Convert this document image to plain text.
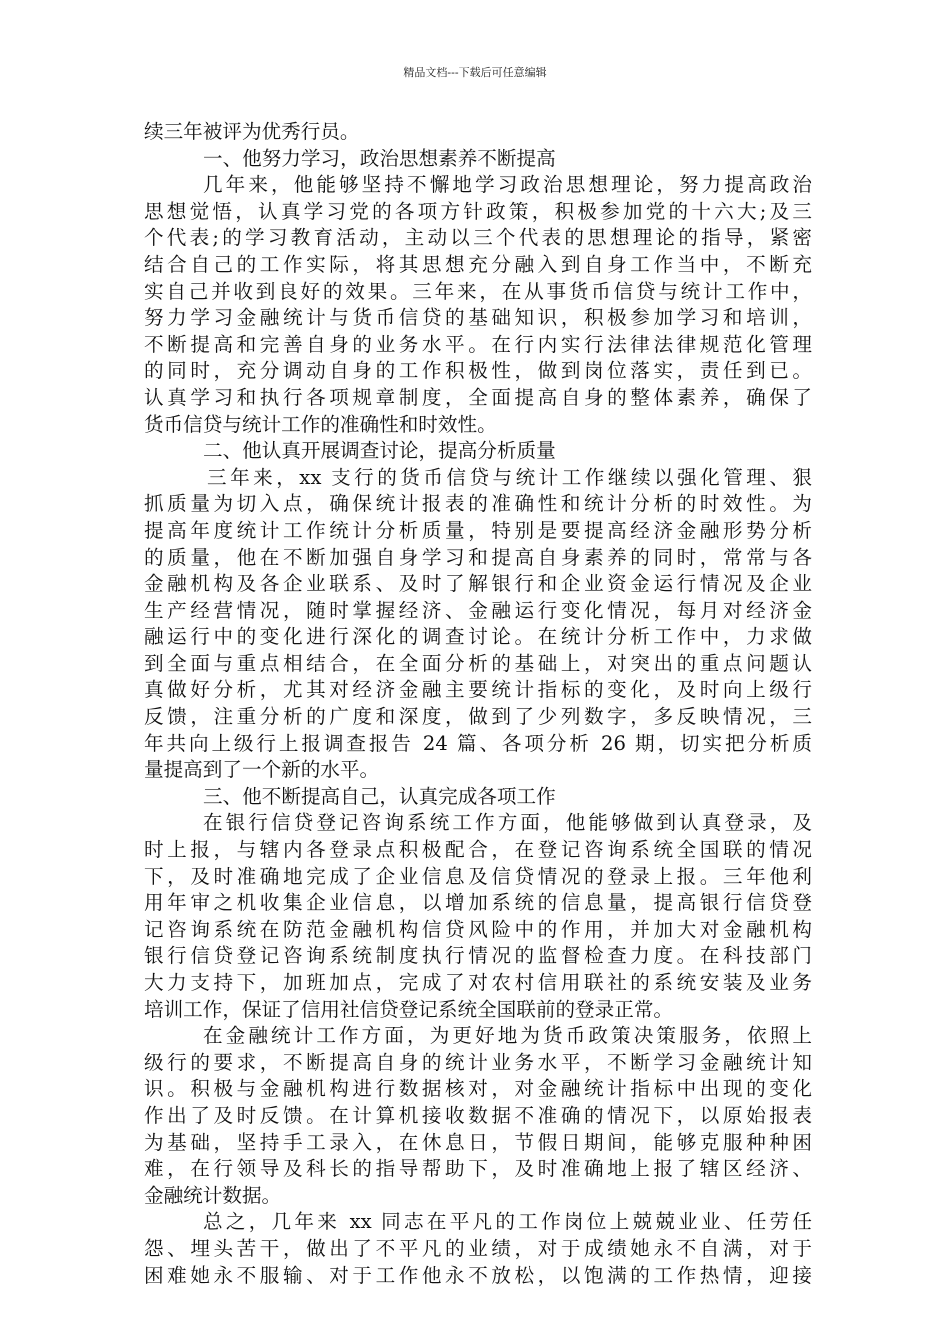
精品文档---下载后可任意编辑
续三年被评为优秀行员。
一、他努力学习，政治思想素养不断提高
几年来，他能够坚持不懈地学习政治思想理论，努力提高政治
思想觉悟，认真学习党的各项方针政策，积极参加党的十六大;及三
个代表;的学习教育活动，主动以三个代表的思想理论的指导，紧密
结合自己的工作实际，将其思想充分融入到自身工作当中，不断充
实自己并收到良好的效果。三年来，在从事货币信贷与统计工作中，
努力学习金融统计与货币信贷的基础知识，积极参加学习和培训，
不断提高和完善自身的业务水平。在行内实行法律法律规范化管理
的同时，充分调动自身的工作积极性，做到岗位落实，责任到已。
认真学习和执行各项规章制度，全面提高自身的整体素养，确保了
货币信贷与统计工作的准确性和时效性。
二、他认真开展调查讨论，提高分析质量
三年来，xx 支行的货币信贷与统计工作继续以强化管理、狠
抓质量为切入点，确保统计报表的准确性和统计分析的时效性。为
提高年度统计工作统计分析质量，特别是要提高经济金融形势分析
的质量，他在不断加强自身学习和提高自身素养的同时，常常与各
金融机构及各企业联系、及时了解银行和企业资金运行情况及企业
生产经营情况，随时掌握经济、金融运行变化情况，每月对经济金
融运行中的变化进行深化的调查讨论。在统计分析工作中，力求做
到全面与重点相结合，在全面分析的基础上，对突出的重点问题认
真做好分析，尤其对经济金融主要统计指标的变化，及时向上级行
反馈，注重分析的广度和深度，做到了少列数字，多反映情况，三
年共向上级行上报调查报告 24 篇、各项分析 26 期，切实把分析质
量提高到了一个新的水平。
三、他不断提高自己，认真完成各项工作
在银行信贷登记咨询系统工作方面，他能够做到认真登录，及
时上报，与辖内各登录点积极配合，在登记咨询系统全国联的情况
下，及时准确地完成了企业信息及信贷情况的登录上报。三年他利
用年审之机收集企业信息，以增加系统的信息量，提高银行信贷登
记咨询系统在防范金融机构信贷风险中的作用，并加大对金融机构
银行信贷登记咨询系统制度执行情况的监督检查力度。在科技部门
大力支持下，加班加点，完成了对农村信用联社的系统安装及业务
培训工作，保证了信用社信贷登记系统全国联前的登录正常。
在金融统计工作方面，为更好地为货币政策决策服务，依照上
级行的要求，不断提高自身的统计业务水平，不断学习金融统计知
识。积极与金融机构进行数据核对，对金融统计指标中出现的变化
作出了及时反馈。在计算机接收数据不准确的情况下，以原始报表
为基础，坚持手工录入，在休息日，节假日期间，能够克服种种困
难，在行领导及科长的指导帮助下，及时准确地上报了辖区经济、
金融统计数据。
总之，几年来 xx 同志在平凡的工作岗位上兢兢业业、任劳任
怨、埋头苦干，做出了不平凡的业绩，对于成绩她永不自满，对于
困难她永不服输、对于工作他永不放松，以饱满的工作热情，迎接
